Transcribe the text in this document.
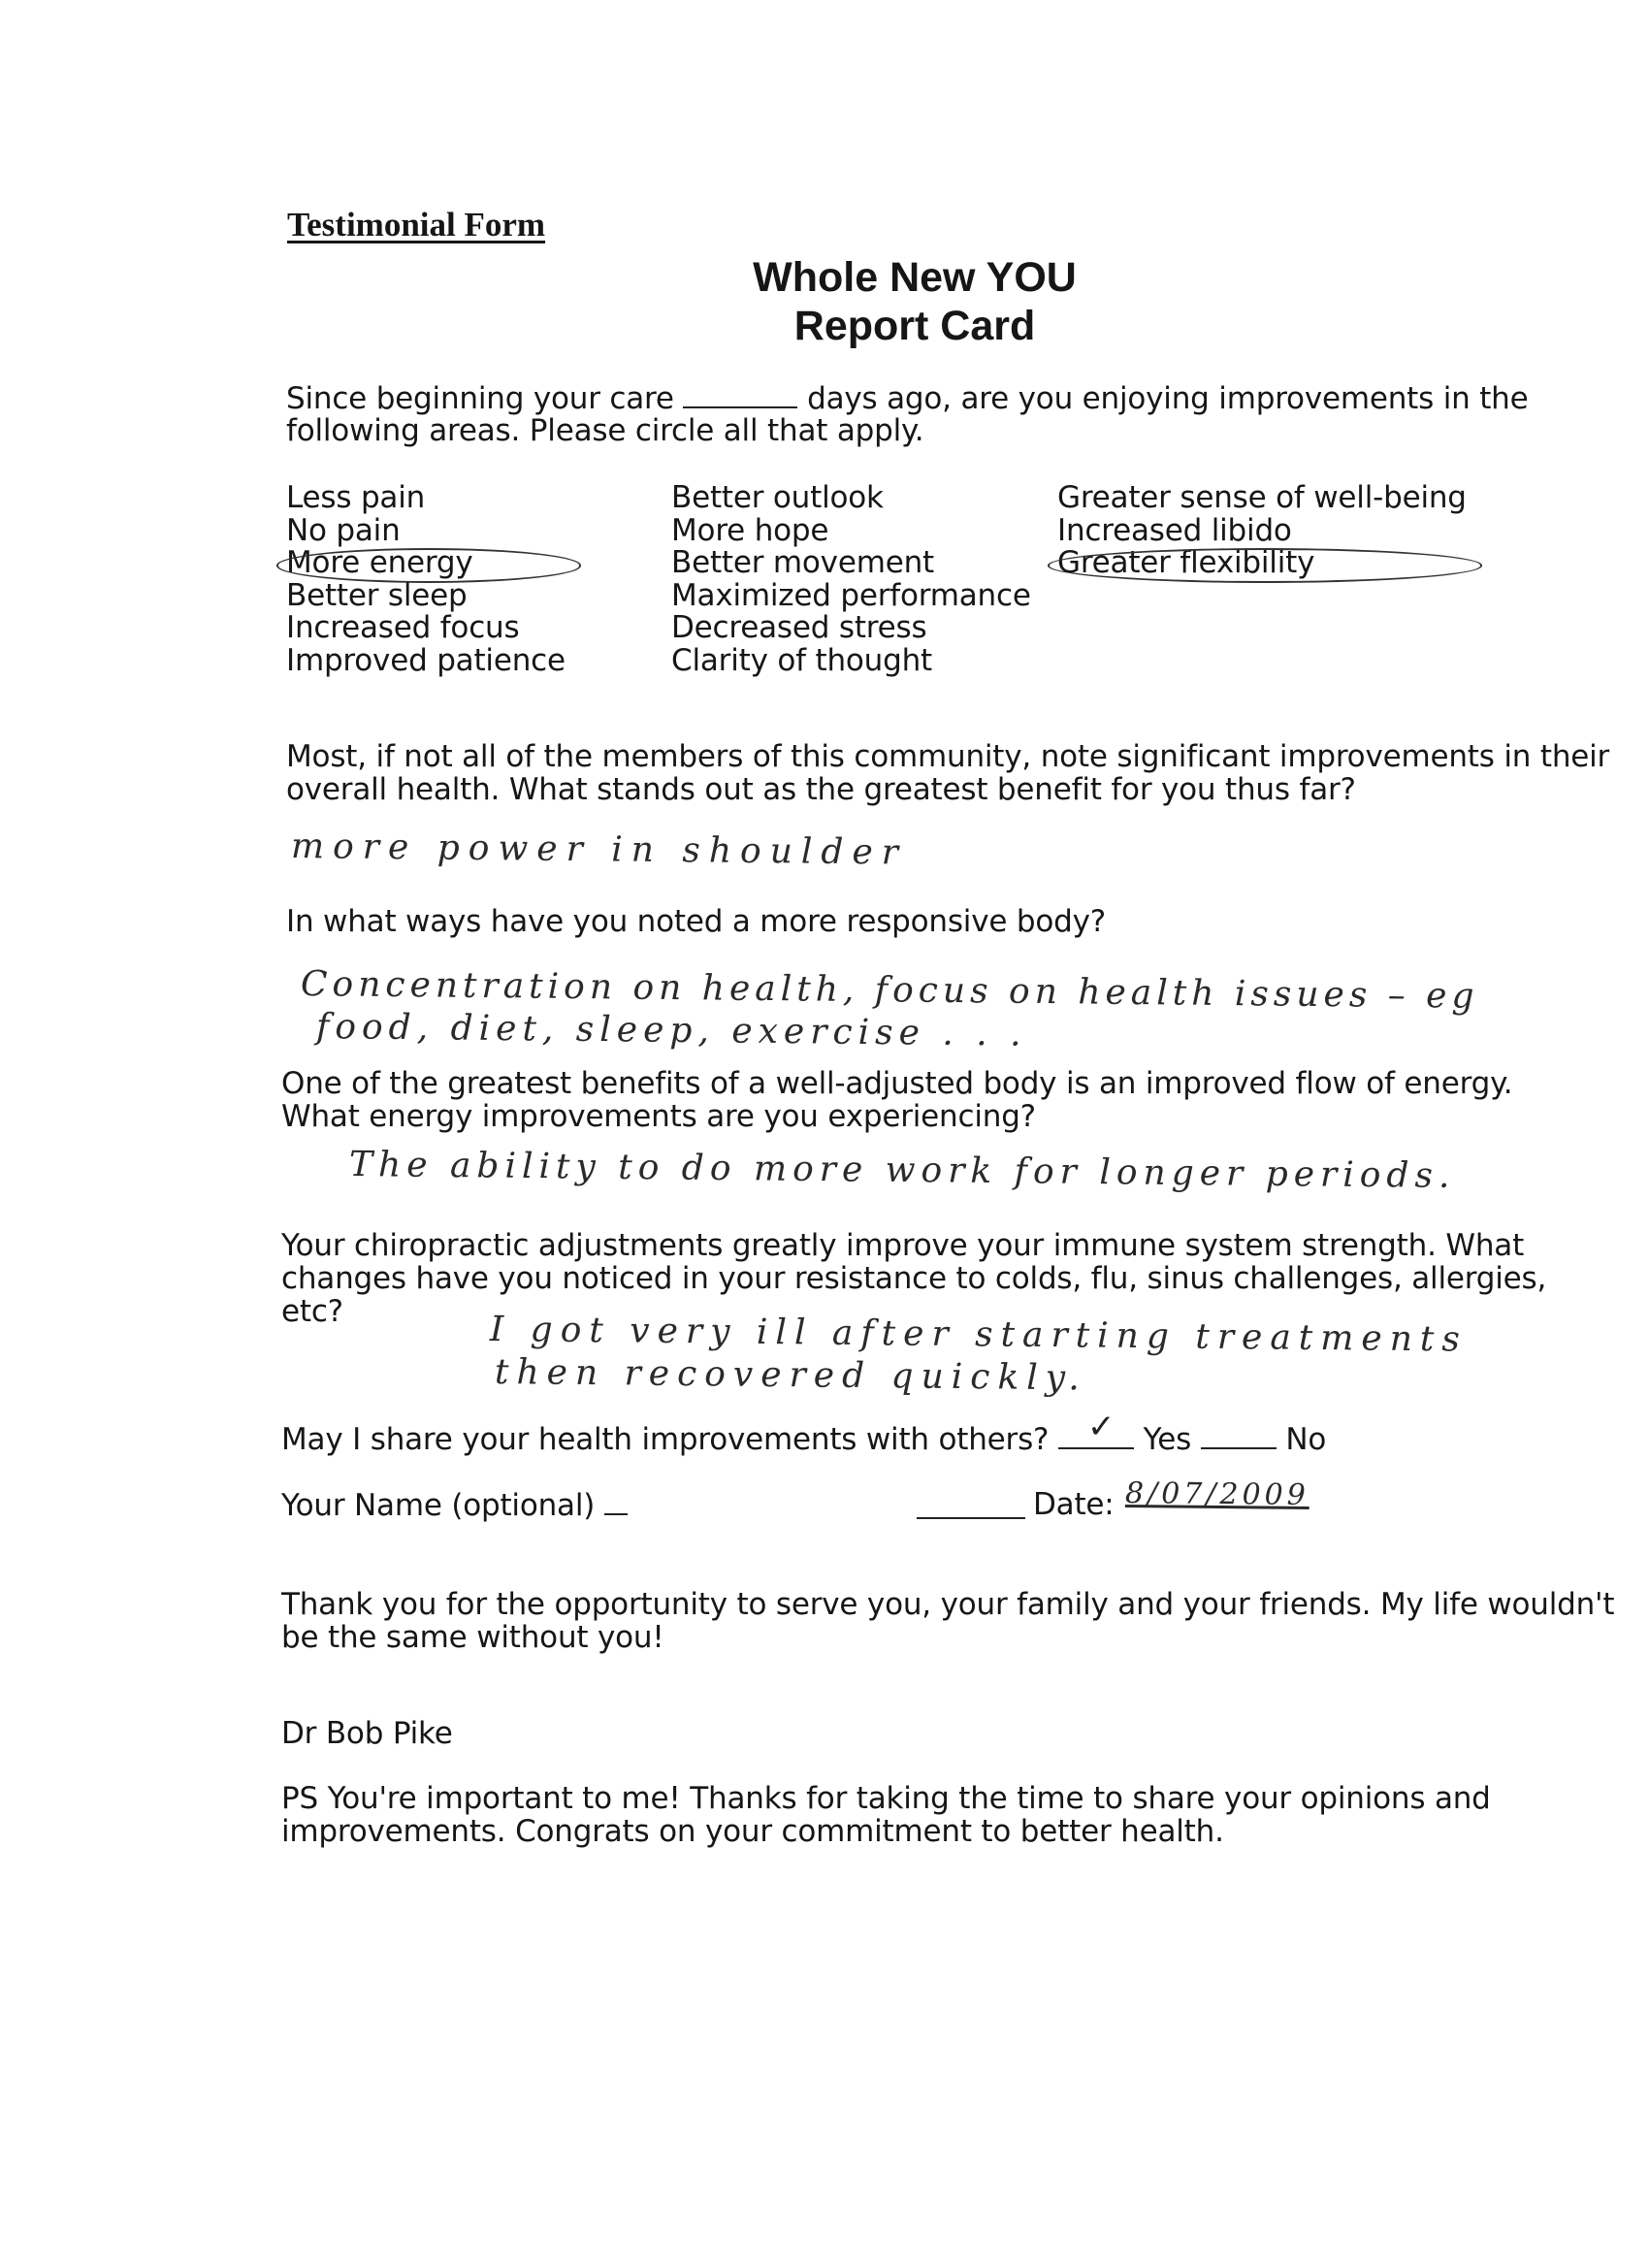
Testimonial Form
Whole New YOU
Report Card
Since beginning your care	days ago, are you enjoying improvements in the
following areas. Please circle all that apply.
Less pain
No pain
More energy
Better sleep
Increased focus
Improved patience
Better outlook
More hope
Better movement
Maximized performance
Decreased stress
Clarity of thought
Greater sense of well-being
Increased libido
Greater flexibility
Most, if not all of the members of this community, note significant improvements in their
overall health. What stands out as the greatest benefit for you thus far?
more power in shoulder
In what ways have you noted a more responsive body?
Concentration on health, focus on health issues – eg
food, diet, sleep, exercise . . .
One of the greatest benefits of a well-adjusted body is an improved flow of energy.
What energy improvements are you experiencing?
The ability to do more work for longer periods.
Your chiropractic adjustments greatly improve your immune system strength. What
changes have you noticed in your resistance to colds, flu, sinus challenges, allergies,
etc?	I got very ill after starting treatments
then recovered quickly.
May I share your health improvements with others? ✓ Yes	No
Your Name (optional)	Date: 8/07/2009
Thank you for the opportunity to serve you, your family and your friends. My life wouldn't
be the same without you!
Dr Bob Pike
PS You're important to me! Thanks for taking the time to share your opinions and
improvements. Congrats on your commitment to better health.
